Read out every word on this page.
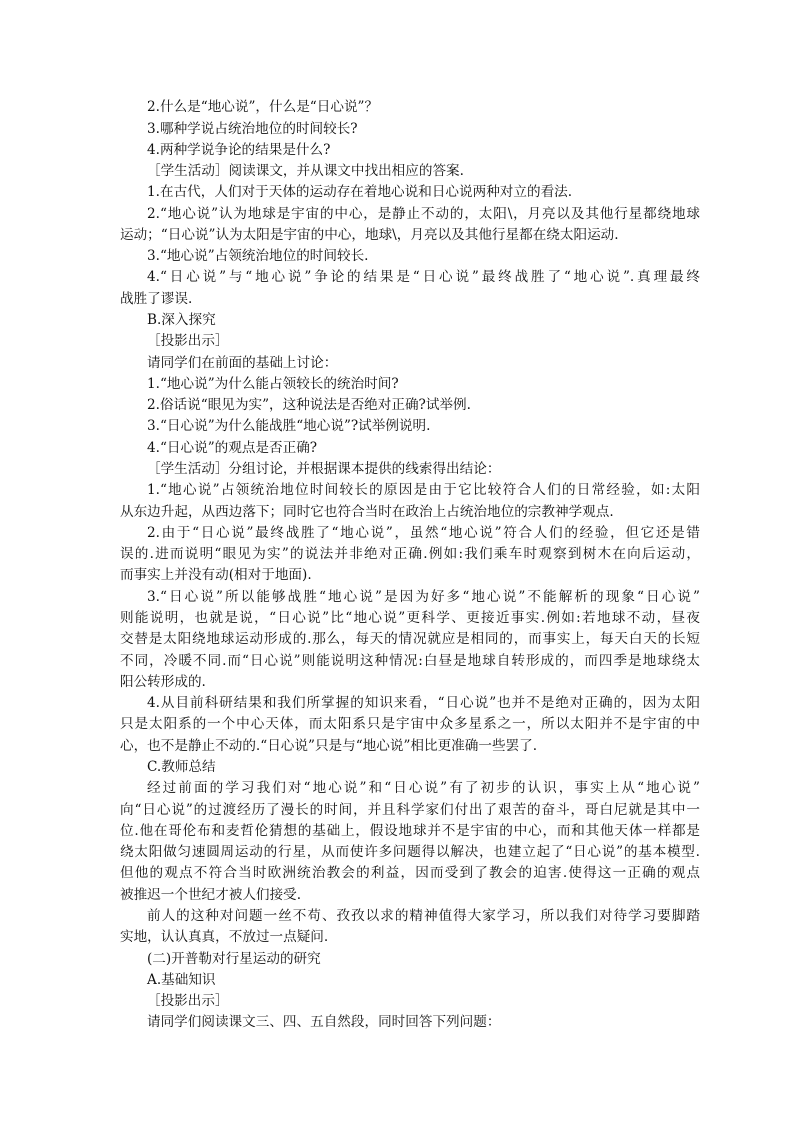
2.什么是“地心说”，什么是“日心说”？
3.哪种学说占统治地位的时间较长?
4.两种学说争论的结果是什么?
［学生活动］阅读课文，并从课文中找出相应的答案.
1.在古代，人们对于天体的运动存在着地心说和日心说两种对立的看法.
2.“地心说”认为地球是宇宙的中心，是静止不动的，太阳\，月亮以及其他行星都绕地球
运动；“日心说”认为太阳是宇宙的中心，地球\，月亮以及其他行星都在绕太阳运动.
3.“地心说”占领统治地位的时间较长.
4.“日心说”与“地心说”争论的结果是“日心说”最终战胜了“地心说”.真理最终
战胜了谬误.
B.深入探究
［投影出示］
请同学们在前面的基础上讨论：
1.“地心说”为什么能占领较长的统治时间?
2.俗话说“眼见为实”，这种说法是否绝对正确?试举例.
3.“日心说”为什么能战胜“地心说”?试举例说明.
4.“日心说”的观点是否正确?
［学生活动］分组讨论，并根据课本提供的线索得出结论：
1.“地心说”占领统治地位时间较长的原因是由于它比较符合人们的日常经验，如:太阳
从东边升起，从西边落下；同时它也符合当时在政治上占统治地位的宗教神学观点.
2.由于“日心说”最终战胜了“地心说”，虽然“地心说”符合人们的经验，但它还是错
误的.进而说明“眼见为实”的说法并非绝对正确.例如:我们乘车时观察到树木在向后运动，
而事实上并没有动(相对于地面).
3.“日心说”所以能够战胜“地心说”是因为好多“地心说”不能解析的现象“日心说”
则能说明，也就是说，“日心说”比“地心说”更科学、更接近事实.例如:若地球不动，昼夜
交替是太阳绕地球运动形成的.那么，每天的情况就应是相同的，而事实上，每天白天的长短
不同，冷暖不同.而“日心说”则能说明这种情况:白昼是地球自转形成的，而四季是地球绕太
阳公转形成的.
4.从目前科研结果和我们所掌握的知识来看，“日心说”也并不是绝对正确的，因为太阳
只是太阳系的一个中心天体，而太阳系只是宇宙中众多星系之一，所以太阳并不是宇宙的中
心，也不是静止不动的.“日心说”只是与“地心说”相比更准确一些罢了.
C.教师总结
经过前面的学习我们对“地心说”和“日心说”有了初步的认识，事实上从“地心说”
向“日心说”的过渡经历了漫长的时间，并且科学家们付出了艰苦的奋斗，哥白尼就是其中一
位.他在哥伦布和麦哲伦猜想的基础上，假设地球并不是宇宙的中心，而和其他天体一样都是
绕太阳做匀速圆周运动的行星，从而使许多问题得以解决，也建立起了“日心说”的基本模型.
但他的观点不符合当时欧洲统治教会的利益，因而受到了教会的迫害.使得这一正确的观点
被推迟一个世纪才被人们接受.
前人的这种对问题一丝不苟、孜孜以求的精神值得大家学习，所以我们对待学习要脚踏
实地，认认真真，不放过一点疑问.
(二)开普勒对行星运动的研究
A.基础知识
［投影出示］
请同学们阅读课文三、四、五自然段，同时回答下列问题：
